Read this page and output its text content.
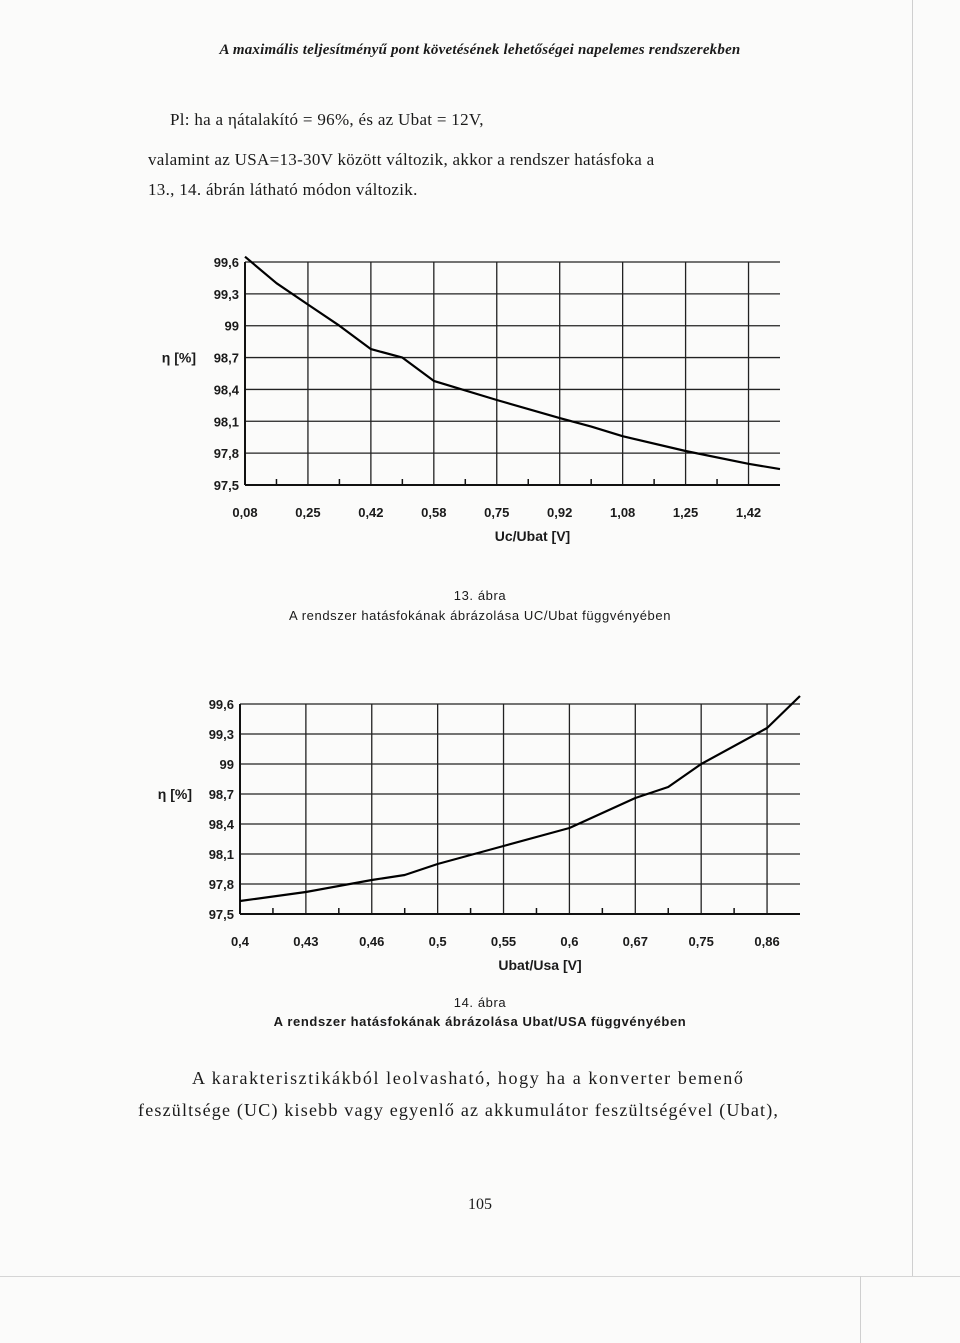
A maximális teljesítményű pont követésének lehetőségei napelemes rendszerekben
Pl: ha a ηátalakító = 96%, és az Ubat = 12V,
valamint az USA=13-30V között változik, akkor a rendszer hatásfoka a
13., 14. ábrán látható módon változik.
99,6
99,3
99
98,7
98,4
98,1
97,8
97,5
0,08	0,25	0,42	0,58	0,75	0,92	1,08	1,25	1,42
η [%]
Uc/Ubat [V]
13. ábra
A rendszer hatásfokának ábrázolása UC/Ubat függvényében
99,6
99,3
99
98,7
98,4
98,1
97,8
97,5
0,4	0,43	0,46	0,5	0,55	0,6	0,67	0,75	0,86
η [%]
Ubat/Usa [V]
14. ábra
A rendszer hatásfokának ábrázolása Ubat/USA függvényében
A karakterisztikákból leolvasható, hogy ha a konverter bemenő
feszültsége (UC) kisebb vagy egyenlő az akkumulátor feszültségével (Ubat),
105
